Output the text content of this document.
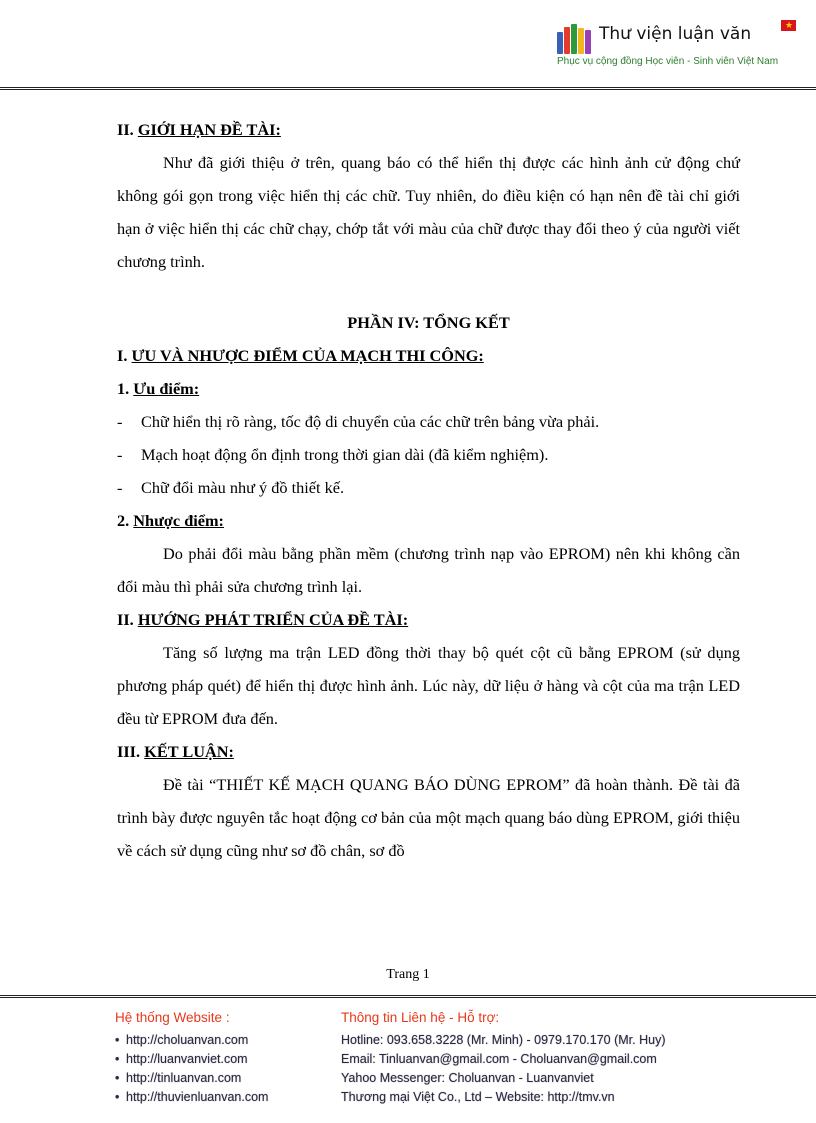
Thư viện luận văn	★
Phục vụ cộng đồng Học viên - Sinh viên Việt Nam

II. GIỚI HẠN ĐỀ TÀI:

Như đã giới thiệu ở trên, quang báo có thể hiển thị được các hình ảnh cử động chứ không gói gọn trong việc hiển thị các chữ. Tuy nhiên, do điều kiện có hạn nên đề tài chỉ giới hạn ở việc hiển thị các chữ chạy, chớp tắt với màu của chữ được thay đổi theo ý của người viết chương trình.

PHẦN IV: TỔNG KẾT

I. ƯU VÀ NHƯỢC ĐIỂM CỦA MẠCH THI CÔNG:

1. Ưu điểm:

- Chữ hiển thị rõ ràng, tốc độ di chuyển của các chữ trên bảng vừa phải.

- Mạch hoạt động ổn định trong thời gian dài (đã kiểm nghiệm).

- Chữ đổi màu như ý đồ thiết kế.

2. Nhược điểm:

Do phải đổi màu bằng phần mềm (chương trình nạp vào EPROM) nên khi không cần đổi màu thì phải sửa chương trình lại.

II. HƯỚNG PHÁT TRIỂN CỦA ĐỀ TÀI:

Tăng số lượng ma trận LED đồng thời thay bộ quét cột cũ bằng EPROM (sử dụng phương pháp quét) để hiển thị được hình ảnh. Lúc này, dữ liệu ở hàng và cột của ma trận LED đều từ EPROM đưa đến.

III. KẾT LUẬN:

Đề tài “THIẾT KẾ MẠCH QUANG BÁO DÙNG EPROM” đã hoàn thành. Đề tài đã trình bày được nguyên tắc hoạt động cơ bản của một mạch quang báo dùng EPROM, giới thiệu về cách sử dụng cũng như sơ đồ chân, sơ đồ

Trang 1
Hệ thống Website :
• http://choluanvan.com
• http://luanvanviet.com
• http://tinluanvan.com
• http://thuvienluanvan.com
Thông tin Liên hệ - Hỗ trợ:
Hotline: 093.658.3228 (Mr. Minh) - 0979.170.170 (Mr. Huy)
Email: Tinluanvan@gmail.com - Choluanvan@gmail.com
Yahoo Messenger: Choluanvan - Luanvanviet
Thương mại Việt Co., Ltd – Website: http://tmv.vn
